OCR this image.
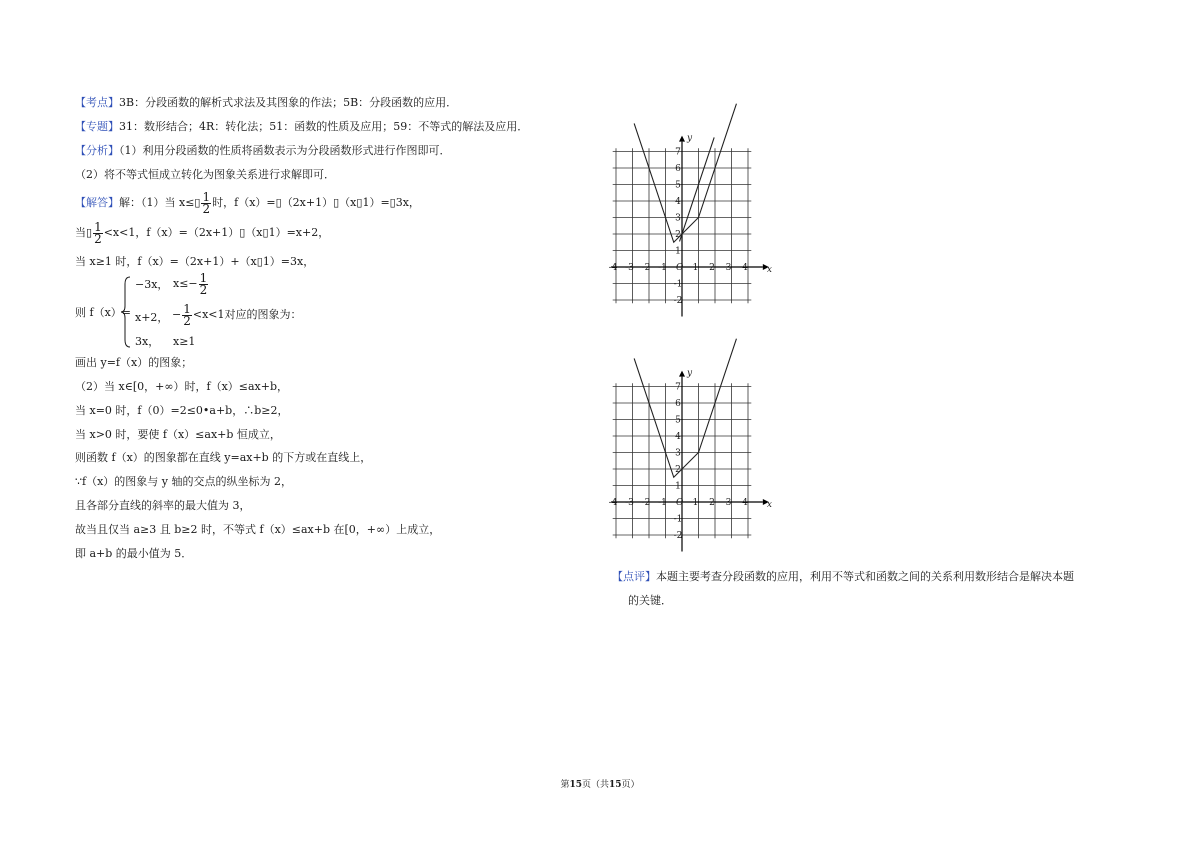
【考点】3B：分段函数的解析式求法及其图象的作法；5B：分段函数的应用．
【专题】31：数形结合；4R：转化法；51：函数的性质及应用；59：不等式的解法及应用．
【分析】（1）利用分段函数的性质将函数表示为分段函数形式进行作图即可．
（2）将不等式恒成立转化为图象关系进行求解即可．
【解答】解：（1）当 x≤▯ $\frac{1}{2}$ 时，f（x）=▯（2x+1）▯（x▯1）=▯3x，
当▯ $\frac{1}{2} <x<1$，f（x）=（2x+1）▯（x▯1）=x+2，
当 x≥1 时，f（x）=（2x+1）+（x▯1）=3x，
则 f（x）=
−3x， $x\le- \frac{1}{2}$
x+2， − $\frac{1}{2} <x<1$对应的图象为：
3x， x≥1
画出 y=f（x）的图象；
（2）当 x∈[0，+∞）时，f（x）≤ax+b，
当 x=0 时，f（0）=2≤0•a+b，∴b≥2，
当 x>0 时，要使 f（x）≤ax+b 恒成立，
则函数 f（x）的图象都在直线 y=ax+b 的下方或在直线上，
∵f（x）的图象与 y 轴的交点的纵坐标为 2，
且各部分直线的斜率的最大值为 3，
故当且仅当 a≥3 且 b≥2 时，不等式 f（x）≤ax+b 在[0，+∞）上成立，
即 a+b 的最小值为 5．
-4 -3 -2 -1	1 2 3 4
7
6
5
4
3
2
1
-1
-2
O	x
y
-4 -3 -2 -1	1 2 3 4
7
6
5
4
3
2
1
-1
-2
O	x
y
【点评】本题主要考查分段函数的应用，利用不等式和函数之间的关系利用数形结合是解决本题
的关键．
第15页（共15页）
